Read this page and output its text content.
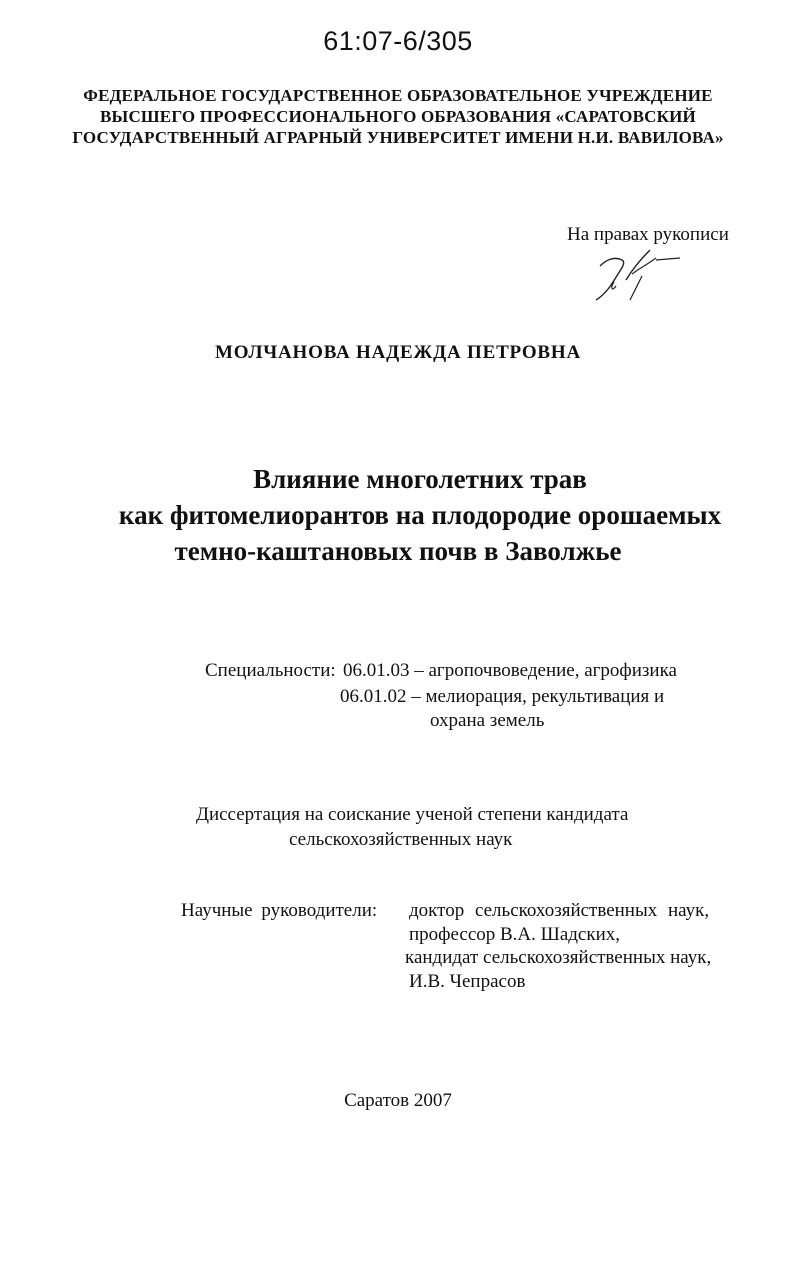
61:07-6/305
ФЕДЕРАЛЬНОЕ ГОСУДАРСТВЕННОЕ ОБРАЗОВАТЕЛЬНОЕ УЧРЕЖДЕНИЕ
ВЫСШЕГО ПРОФЕССИОНАЛЬНОГО ОБРАЗОВАНИЯ «САРАТОВСКИЙ
ГОСУДАРСТВЕННЫЙ АГРАРНЫЙ УНИВЕРСИТЕТ ИМЕНИ Н.И. ВАВИЛОВА»
На правах рукописи
МОЛЧАНОВА НАДЕЖДА ПЕТРОВНА
Влияние многолетних трав
как фитомелиорантов на плодородие орошаемых
темно-каштановых почв в Заволжье
Специальности: 06.01.03 – агропочвоведение, агрофизика
06.01.02 – мелиорация, рекультивация и
охрана земель
Диссертация на соискание ученой степени кандидата
сельскохозяйственных наук
Научные руководители: доктор сельскохозяйственных наук,
профессор В.А. Шадских,
кандидат сельскохозяйственных наук,
И.В. Чепрасов
Саратов 2007
